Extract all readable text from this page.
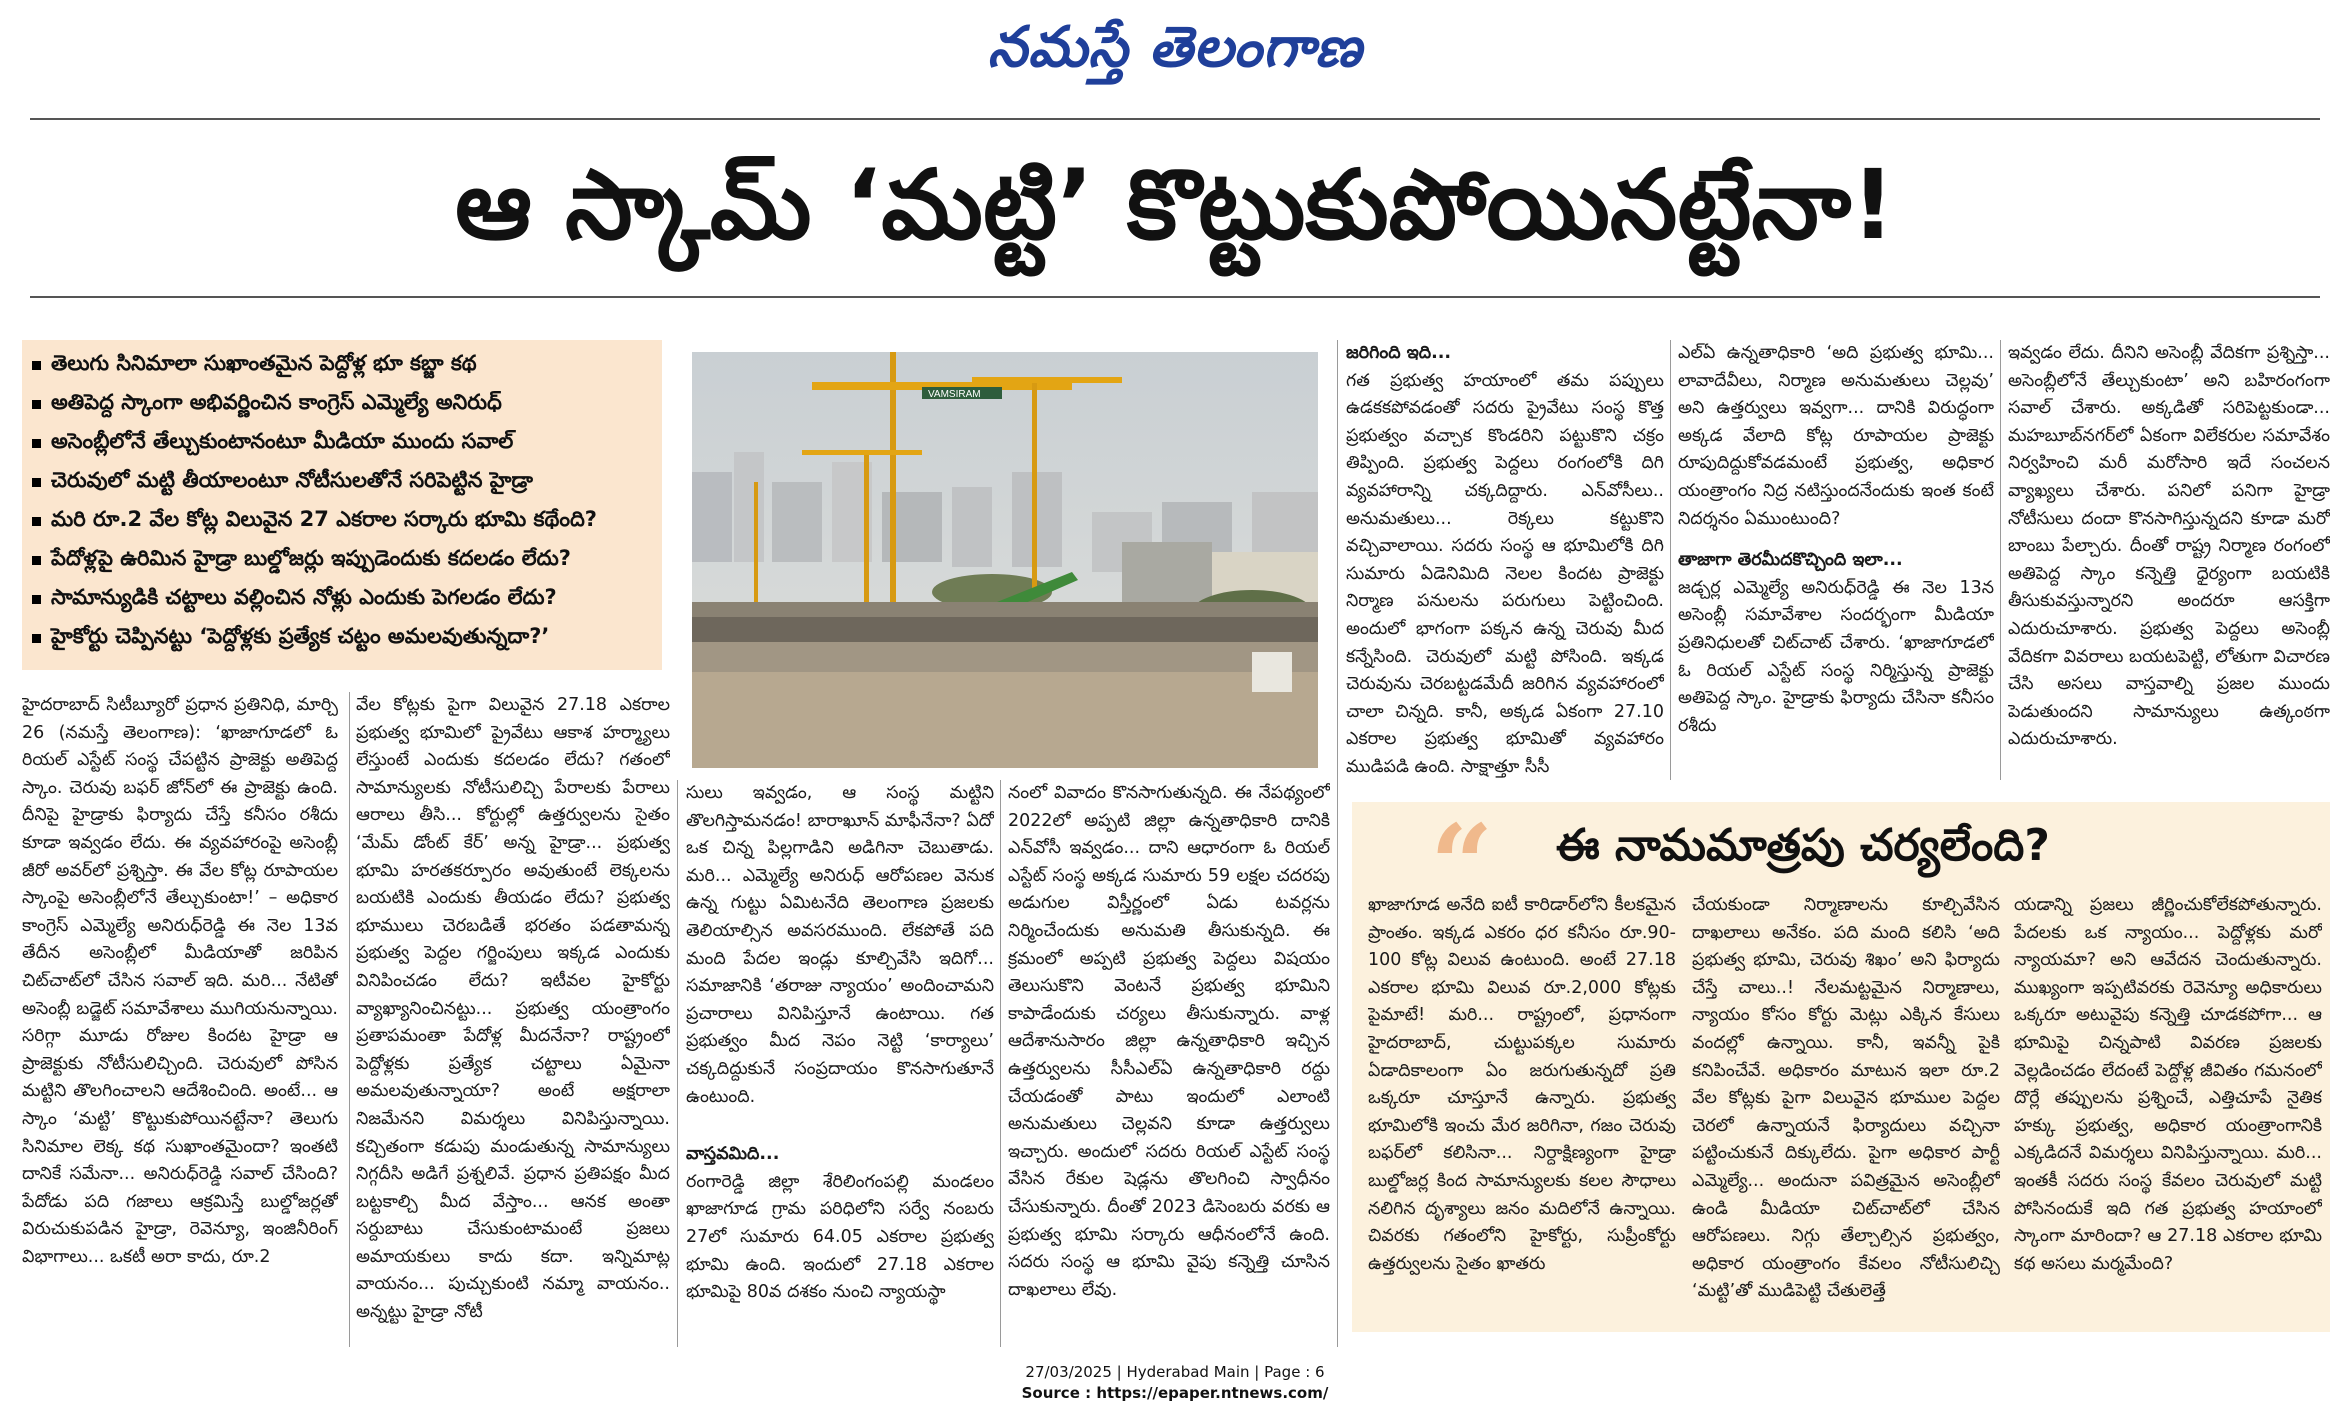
నమస్తే తెలంగాణ
ఆ స్కామ్ ‘మట్టి’ కొట్టుకుపోయినట్టేనా!
తెలుగు సినిమాలా సుఖాంతమైన పెద్దోళ్ల భూ కబ్జా కథ
అతిపెద్ద స్కాంగా అభివర్ణించిన కాంగ్రెస్ ఎమ్మెల్యే అనిరుధ్
అసెంబ్లీలోనే తేల్చుకుంటానంటూ మీడియా ముందు సవాల్
చెరువులో మట్టి తీయాలంటూ నోటీసులతోనే సరిపెట్టిన హైడ్రా
మరి రూ.2 వేల కోట్ల విలువైన 27 ఎకరాల సర్కారు భూమి కథేంది?
పేదోళ్లపై ఉరిమిన హైడ్రా బుల్డోజర్లు ఇప్పుడెందుకు కదలడం లేదు?
సామాన్యుడికి చట్టాలు వల్లించిన నోళ్లు ఎందుకు పెగలడం లేదు?
హైకోర్టు చెప్పినట్టు ‘పెద్దోళ్లకు ప్రత్యేక చట్టం అమలవుతున్నదా?’
VAMSIRAM

హైదరాబాద్ సిటీబ్యూరో ప్రధాన ప్రతినిధి, మార్చి 26 (నమస్తే తెలంగాణ): ‘ఖాజాగూడలో ఓ రియల్ ఎస్టేట్ సంస్థ చేపట్టిన ప్రాజెక్టు అతిపెద్ద స్కాం. చెరువు బఫర్ జోన్‌లో ఈ ప్రాజెక్టు ఉంది. దీనిపై హైడ్రాకు ఫిర్యాదు చేస్తే కనీసం రశీదు కూడా ఇవ్వడం లేదు. ఈ వ్యవహారంపై అసెంబ్లీ జీరో అవర్‌లో ప్రశ్నిస్తా. ఈ వేల కోట్ల రూపాయల స్కాంపై అసెంబ్లీలోనే తేల్చుకుంటా!’ – అధికార కాంగ్రెస్ ఎమ్మెల్యే అనిరుధ్‌రెడ్డి ఈ నెల 13వ తేదీన అసెంబ్లీలో మీడియాతో జరిపిన చిట్‌చాట్‌లో చేసిన సవాల్ ఇది. మరి... నేటితో అసెంబ్లీ బడ్జెట్ సమావేశాలు ముగియనున్నాయి. సరిగ్గా మూడు రోజుల కిందట హైడ్రా ఆ ప్రాజెక్టుకు నోటీసులిచ్చింది. చెరువులో పోసిన మట్టిని తొలగించాలని ఆదేశించింది. అంటే... ఆ స్కాం ‘మట్టి’ కొట్టుకుపోయినట్టేనా? తెలుగు సినిమాల లెక్క కథ సుఖాంతమైందా? ఇంతటి దానికే సమేనా... అనిరుధ్‌రెడ్డి సవాల్ చేసింది? పేదోడు పది గజాలు ఆక్రమిస్తే బుల్డోజర్లతో విరుచుకుపడిన హైడ్రా, రెవెన్యూ, ఇంజినీరింగ్ విభాగాలు... ఒకటీ అరా కాదు, రూ.2

వేల కోట్లకు పైగా విలువైన 27.18 ఎకరాల ప్రభుత్వ భూమిలో ప్రైవేటు ఆకాశ హర్మ్యాలు లేస్తుంటే ఎందుకు కదలడం లేదు? గతంలో సామాన్యులకు నోటీసులిచ్చి పేరాలకు పేరాలు ఆరాలు తీసి... కోర్టుల్లో ఉత్తర్వులను సైతం ‘మేమ్ డోంట్ కేర్’ అన్న హైడ్రా... ప్రభుత్వ భూమి హరతకర్పూరం అవుతుంటే లెక్కలను బయటికి ఎందుకు తీయడం లేదు? ప్రభుత్వ భూములు చెరబడితే భరతం పడతామన్న ప్రభుత్వ పెద్దల గర్జింపులు ఇక్కడ ఎందుకు వినిపించడం లేదు? ఇటీవల హైకోర్టు వ్యాఖ్యానించినట్టు... ప్రభుత్వ యంత్రాంగం ప్రతాపమంతా పేదోళ్ల మీదనేనా? రాష్ట్రంలో పెద్దోళ్లకు ప్రత్యేక చట్టాలు ఏమైనా అమలవుతున్నాయా? అంటే అక్షరాలా నిజమేనని విమర్శలు వినిపిస్తున్నాయి. కచ్చితంగా కడుపు మండుతున్న సామాన్యులు నిగ్గదీసి అడిగే ప్రశ్నలివే. ప్రధాన ప్రతిపక్షం మీద బట్టకాల్చి మీద వేస్తాం... ఆనక అంతా సర్దుబాటు చేసుకుంటామంటే ప్రజలు అమాయకులు కాదు కదా. ఇన్నిమాట్ల వాయనం... పుచ్చుకుంటి నమ్మా వాయనం.. అన్నట్టు హైడ్రా నోటీ

సులు ఇవ్వడం, ఆ సంస్థ మట్టిని తొలగిస్తామనడం! బారాఖూన్ మాఫీనేనా? ఏదో ఒక చిన్న పిల్లగాడిని అడిగినా చెబుతాడు. మరి... ఎమ్మెల్యే అనిరుధ్ ఆరోపణల వెనుక ఉన్న గుట్టు ఏమిటనేది తెలంగాణ ప్రజలకు తెలియాల్సిన అవసరముంది. లేకపోతే పది మంది పేదల ఇండ్లు కూల్చివేసి ఇదిగో... సమాజానికి ‘తరాజు న్యాయం’ అందించామని ప్రచారాలు వినిపిస్తూనే ఉంటాయి. గత ప్రభుత్వం మీద నెపం నెట్టి ‘కార్యాలు’ చక్కదిద్దుకునే సంప్రదాయం కొనసాగుతూనే ఉంటుంది.

వాస్తవమిది...

రంగారెడ్డి జిల్లా శేరిలింగంపల్లి మండలం ఖాజాగూడ గ్రామ పరిధిలోని సర్వే నంబరు 27లో సుమారు 64.05 ఎకరాల ప్రభుత్వ భూమి ఉంది. ఇందులో 27.18 ఎకరాల భూమిపై 80వ దశకం నుంచి న్యాయస్థా

నంలో వివాదం కొనసాగుతున్నది. ఈ నేపథ్యంలో 2022లో అప్పటి జిల్లా ఉన్నతాధికారి దానికి ఎన్‌వోసీ ఇవ్వడం... దాని ఆధారంగా ఓ రియల్ ఎస్టేట్ సంస్థ అక్కడ సుమారు 59 లక్షల చదరపు అడుగుల విస్తీర్ణంలో ఏడు టవర్లను నిర్మించేందుకు అనుమతి తీసుకున్నది. ఈ క్రమంలో అప్పటి ప్రభుత్వ పెద్దలు విషయం తెలుసుకొని వెంటనే ప్రభుత్వ భూమిని కాపాడేందుకు చర్యలు తీసుకున్నారు. వాళ్ల ఆదేశానుసారం జిల్లా ఉన్నతాధికారి ఇచ్చిన ఉత్తర్వులను సీసీఎల్ఏ ఉన్నతాధికారి రద్దు చేయడంతో పాటు ఇందులో ఎలాంటి అనుమతులు చెల్లవని కూడా ఉత్తర్వులు ఇచ్చారు. అందులో సదరు రియల్ ఎస్టేట్ సంస్థ వేసిన రేకుల షెడ్లను తొలగించి స్వాధీనం చేసుకున్నారు. దీంతో 2023 డిసెంబరు వరకు ఆ ప్రభుత్వ భూమి సర్కారు ఆధీనంలోనే ఉంది. సదరు సంస్థ ఆ భూమి వైపు కన్నెత్తి చూసిన దాఖలాలు లేవు.

జరిగింది ఇది...

గత ప్రభుత్వ హయాంలో తమ పప్పులు ఉడకకపోవడంతో సదరు ప్రైవేటు సంస్థ కొత్త ప్రభుత్వం వచ్చాక కొండరిని పట్టుకొని చక్రం తిప్పింది. ప్రభుత్వ పెద్దలు రంగంలోకి దిగి వ్యవహారాన్ని చక్కదిద్దారు. ఎన్‌వోసీలు.. అనుమతులు... రెక్కలు కట్టుకొని వచ్చివాలాయి. సదరు సంస్థ ఆ భూమిలోకి దిగి సుమారు ఏడెనిమిది నెలల కిందట ప్రాజెక్టు నిర్మాణ పనులను పరుగులు పెట్టించింది. అందులో భాగంగా పక్కన ఉన్న చెరువు మీద కన్నేసింది. చెరువులో మట్టి పోసింది. ఇక్కడ చెరువును చెరబట్టడమేదీ జరిగిన వ్యవహారంలో చాలా చిన్నది. కానీ, అక్కడ ఏకంగా 27.10 ఎకరాల ప్రభుత్వ భూమితో వ్యవహారం ముడిపడి ఉంది. సాక్షాత్తూ సీసీ

ఎల్ఏ ఉన్నతాధికారి ‘అది ప్రభుత్వ భూమి... లావాదేవీలు, నిర్మాణ అనుమతులు చెల్లవు’ అని ఉత్తర్వులు ఇవ్వగా... దానికి విరుద్ధంగా అక్కడ వేలాది కోట్ల రూపాయల ప్రాజెక్టు రూపుదిద్దుకోవడమంటే ప్రభుత్వ, అధికార యంత్రాంగం నిద్ర నటిస్తుందనేందుకు ఇంత కంటే నిదర్శనం ఏముంటుంది?

తాజాగా తెరమీదకొచ్చింది ఇలా...

జడ్చర్ల ఎమ్మెల్యే అనిరుధ్‌రెడ్డి ఈ నెల 13న అసెంబ్లీ సమావేశాల సందర్భంగా మీడియా ప్రతినిధులతో చిట్‌చాట్ చేశారు. ‘ఖాజాగూడలో ఓ రియల్ ఎస్టేట్ సంస్థ నిర్మిస్తున్న ప్రాజెక్టు అతిపెద్ద స్కాం. హైడ్రాకు ఫిర్యాదు చేసినా కనీసం రశీదు

ఇవ్వడం లేదు. దీనిని అసెంబ్లీ వేదికగా ప్రశ్నిస్తా... అసెంబ్లీలోనే తేల్చుకుంటా’ అని బహిరంగంగా సవాల్ చేశారు. అక్కడితో సరిపెట్టకుండా... మహబూబ్‌నగర్‌లో ఏకంగా విలేకరుల సమావేశం నిర్వహించి మరీ మరోసారి ఇదే సంచలన వ్యాఖ్యలు చేశారు. పనిలో పనిగా హైడ్రా నోటీసులు దందా కొనసాగిస్తున్నదని కూడా మరో బాంబు పేల్చారు. దీంతో రాష్ట్ర నిర్మాణ రంగంలో అతిపెద్ద స్కాం కన్నెత్తి ధైర్యంగా బయటికి తీసుకువస్తున్నారని అందరూ ఆసక్తిగా ఎదురుచూశారు. ప్రభుత్వ పెద్దలు అసెంబ్లీ వేదికగా వివరాలు బయటపెట్టి, లోతుగా విచారణ చేసి అసలు వాస్తవాల్ని ప్రజల ముందు పెడుతుందని సామాన్యులు ఉత్కంఠగా ఎదురుచూశారు.

“ ఈ నామమాత్రపు చర్యలేంది?

ఖాజాగూడ అనేది ఐటీ కారిడార్‌లోని కీలకమైన ప్రాంతం. ఇక్కడ ఎకరం ధర కనీసం రూ.90-100 కోట్ల విలువ ఉంటుంది. అంటే 27.18 ఎకరాల భూమి విలువ రూ.2,000 కోట్లకు పైమాటే! మరి... రాష్ట్రంలో, ప్రధానంగా హైదరాబాద్, చుట్టుపక్కల సుమారు ఏడాదికాలంగా ఏం జరుగుతున్నదో ప్రతి ఒక్కరూ చూస్తూనే ఉన్నారు. ప్రభుత్వ భూమిలోకి ఇంచు మేర జరిగినా, గజం చెరువు బఫర్‌లో కలిసినా... నిర్దాక్షిణ్యంగా హైడ్రా బుల్డోజర్ల కింద సామాన్యులకు కలల సౌధాలు నలిగిన దృశ్యాలు జనం మదిలోనే ఉన్నాయి. చివరకు గతంలోని హైకోర్టు, సుప్రీంకోర్టు ఉత్తర్వులను సైతం ఖాతరు

చేయకుండా నిర్మాణాలను కూల్చివేసిన దాఖలాలు అనేకం. పది మంది కలిసి ‘అది ప్రభుత్వ భూమి, చెరువు శిఖం’ అని ఫిర్యాదు చేస్తే చాలు..! నేలమట్టమైన నిర్మాణాలు, న్యాయం కోసం కోర్టు మెట్లు ఎక్కిన కేసులు వందల్లో ఉన్నాయి. కానీ, ఇవన్నీ పైకి కనిపించేవే. అధికారం మాటున ఇలా రూ.2 వేల కోట్లకు పైగా విలువైన భూముల పెద్దల చెరలో ఉన్నాయనే ఫిర్యాదులు వచ్చినా పట్టించుకునే దిక్కులేదు. పైగా అధికార పార్టీ ఎమ్మెల్యే... అందునా పవిత్రమైన అసెంబ్లీలో ఉండి మీడియా చిట్‌చాట్‌లో చేసిన ఆరోపణలు. నిగ్గు తేల్చాల్సిన ప్రభుత్వం, అధికార యంత్రాంగం కేవలం నోటీసులిచ్చి ‘మట్టి’తో ముడిపెట్టి చేతులెత్తే

యడాన్ని ప్రజలు జీర్ణించుకోలేకపోతున్నారు. పేదలకు ఒక న్యాయం... పెద్దోళ్లకు మరో న్యాయమా? అని ఆవేదన చెందుతున్నారు. ముఖ్యంగా ఇప్పటివరకు రెవెన్యూ అధికారులు ఒక్కరూ అటువైపు కన్నెత్తి చూడకపోగా... ఆ భూమిపై చిన్నపాటి వివరణ ప్రజలకు వెల్లడించడం లేదంటే పెద్దోళ్ల జీవితం గమనంలో దొర్లే తప్పులను ప్రశ్నించే, ఎత్తిచూపే నైతిక హక్కు ప్రభుత్వ, అధికార యంత్రాంగానికి ఎక్కడిదనే విమర్శలు వినిపిస్తున్నాయి. మరి... ఇంతకీ సదరు సంస్థ కేవలం చెరువులో మట్టి పోసినందుకే ఇది గత ప్రభుత్వ హయాంలో స్కాంగా మారిందా? ఆ 27.18 ఎకరాల భూమి కథ అసలు మర్మమేంది?

27/03/2025 | Hyderabad Main | Page : 6
Source : https://epaper.ntnews.com/
